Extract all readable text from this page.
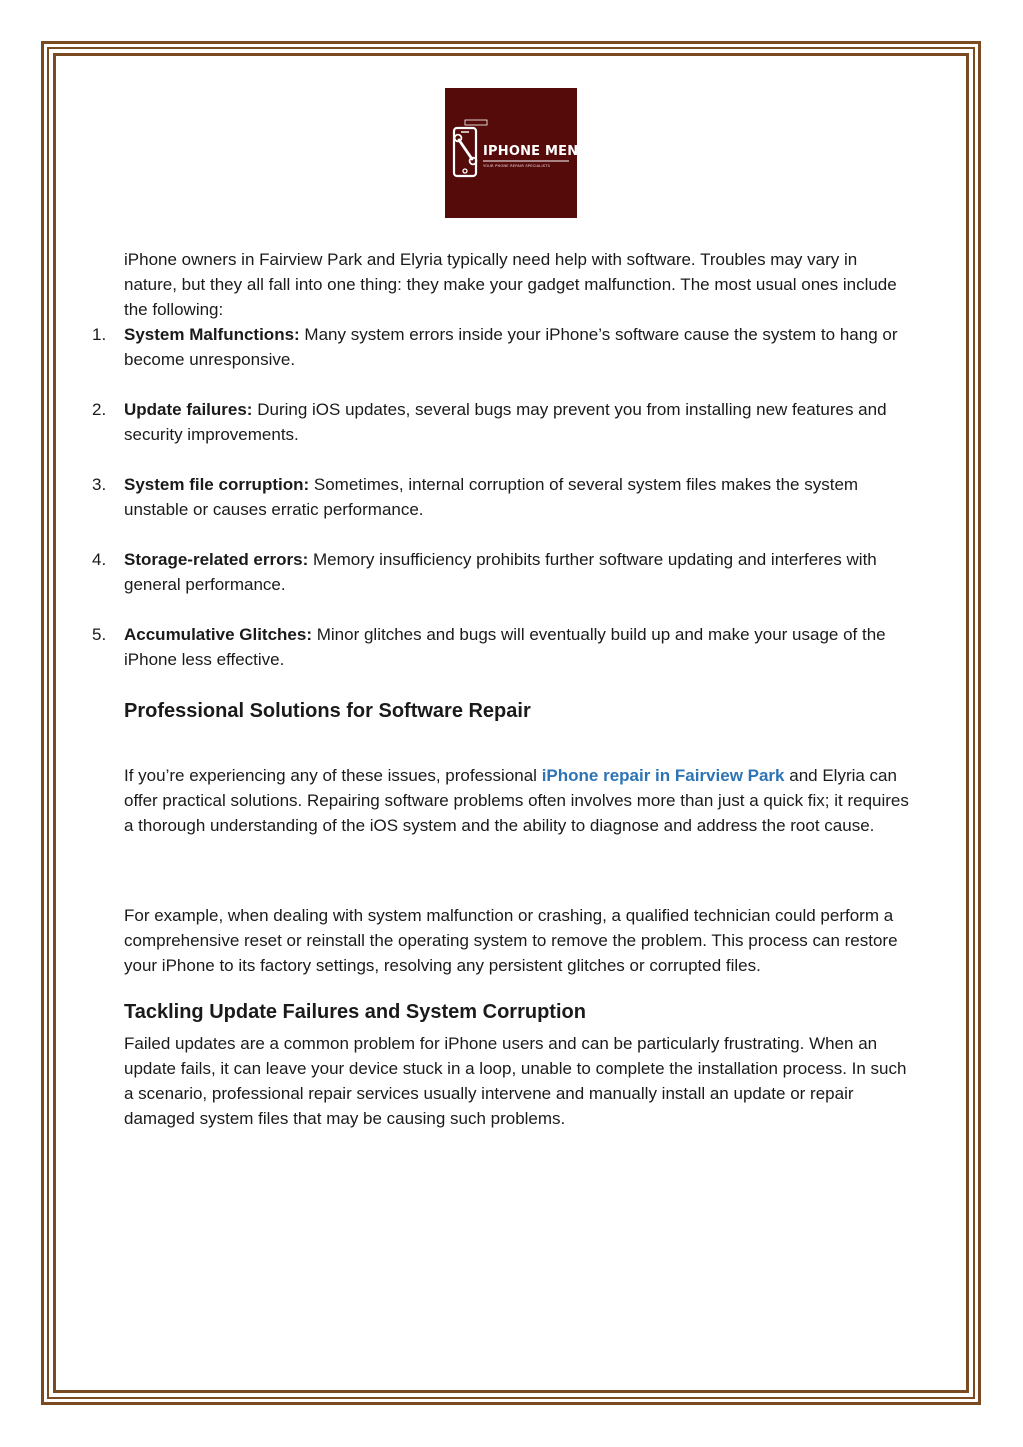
IPHONE MEND
YOUR PHONE REPAIR SPECIALISTS

iPhone owners in Fairview Park and Elyria typically need help with software. Troubles may vary in nature, but they all fall into one thing: they make your gadget malfunction. The most usual ones include the following:

1. System Malfunctions: Many system errors inside your iPhone’s software cause the system to hang or become unresponsive.
2. Update failures: During iOS updates, several bugs may prevent you from installing new features and security improvements.
3. System file corruption: Sometimes, internal corruption of several system files makes the system unstable or causes erratic performance.
4. Storage-related errors: Memory insufficiency prohibits further software updating and interferes with general performance.
5. Accumulative Glitches: Minor glitches and bugs will eventually build up and make your usage of the iPhone less effective.
Professional Solutions for Software Repair

If you’re experiencing any of these issues, professional iPhone repair in Fairview Park and Elyria can offer practical solutions. Repairing software problems often involves more than just a quick fix; it requires a thorough understanding of the iOS system and the ability to diagnose and address the root cause.

For example, when dealing with system malfunction or crashing, a qualified technician could perform a comprehensive reset or reinstall the operating system to remove the problem. This process can restore your iPhone to its factory settings, resolving any persistent glitches or corrupted files.

Tackling Update Failures and System Corruption

Failed updates are a common problem for iPhone users and can be particularly frustrating. When an update fails, it can leave your device stuck in a loop, unable to complete the installation process. In such a scenario, professional repair services usually intervene and manually install an update or repair damaged system files that may be causing such problems.
